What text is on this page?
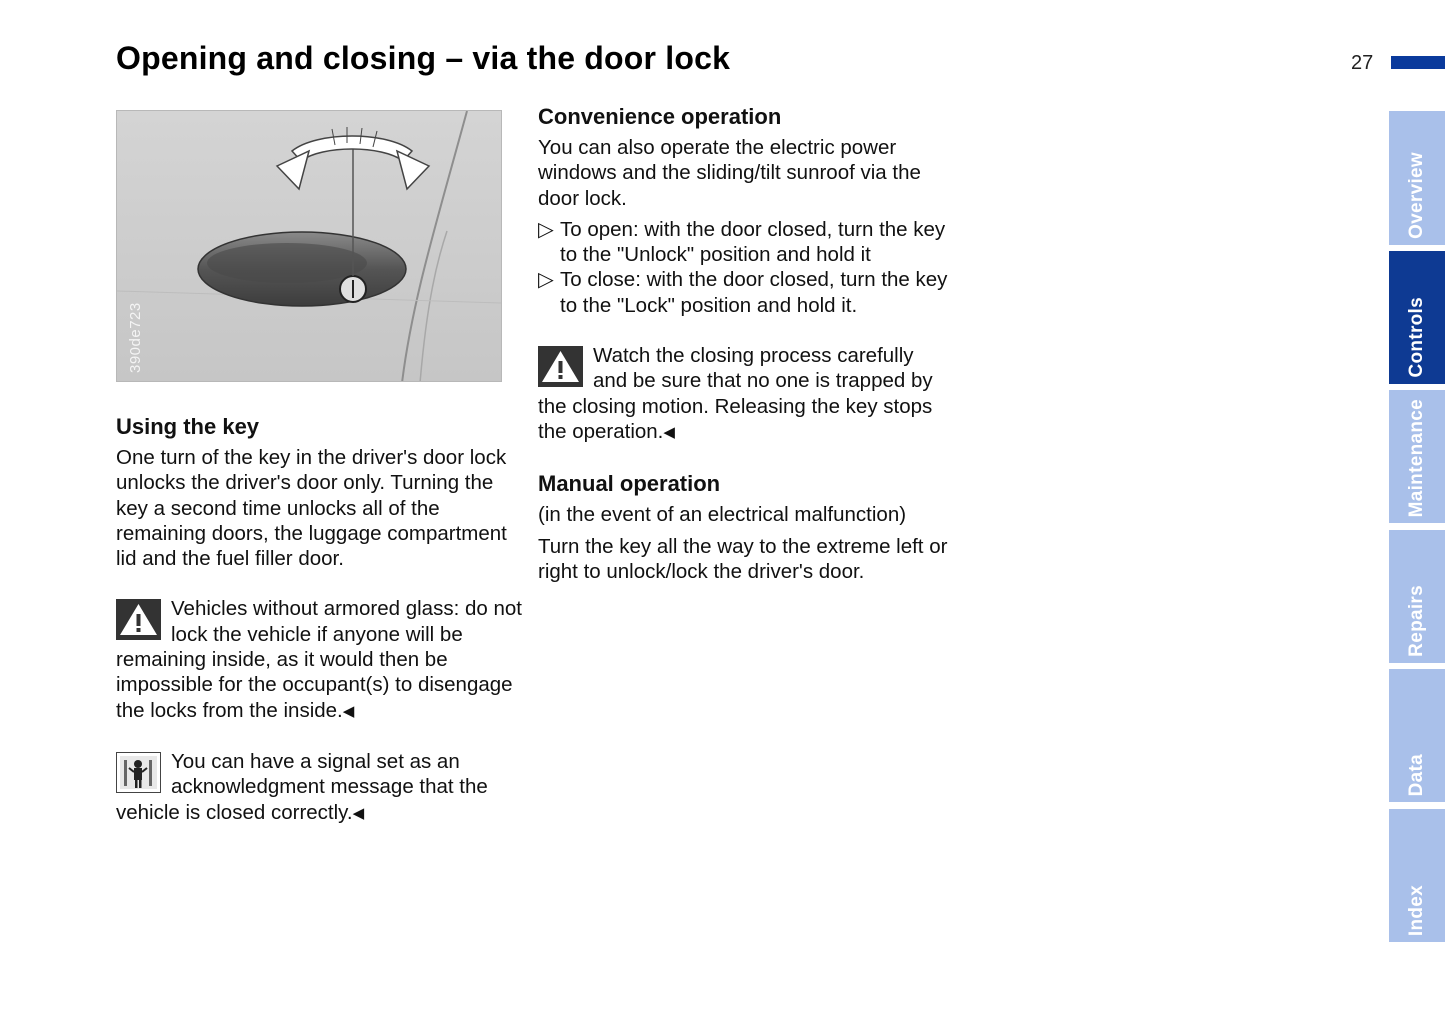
Opening and closing – via the door lock	27
Overview
Controls
Maintenance
Repairs
Data
Index
390de723
Using the key

One turn of the key in the driver's door lock unlocks the driver's door only. Turning the key a second time unlocks all of the remaining doors, the luggage compartment lid and the fuel filler door.

Vehicles without armored glass: do not lock the vehicle if anyone will be remaining inside, as it would then be impossible for the occupant(s) to disengage the locks from the inside.◀
You can have a signal set as an acknowledgment message that the vehicle is closed correctly.◀
Convenience operation

You can also operate the electric power windows and the sliding/tilt sunroof via the door lock.

▷ To open: with the door closed, turn the key to the "Unlock" position and hold it
▷ To close: with the door closed, turn the key to the "Lock" position and hold it.
Watch the closing process carefully and be sure that no one is trapped by the closing motion. Releasing the key stops the operation.◀
Manual operation

(in the event of an electrical malfunction)

Turn the key all the way to the extreme left or right to unlock/lock the driver's door.
